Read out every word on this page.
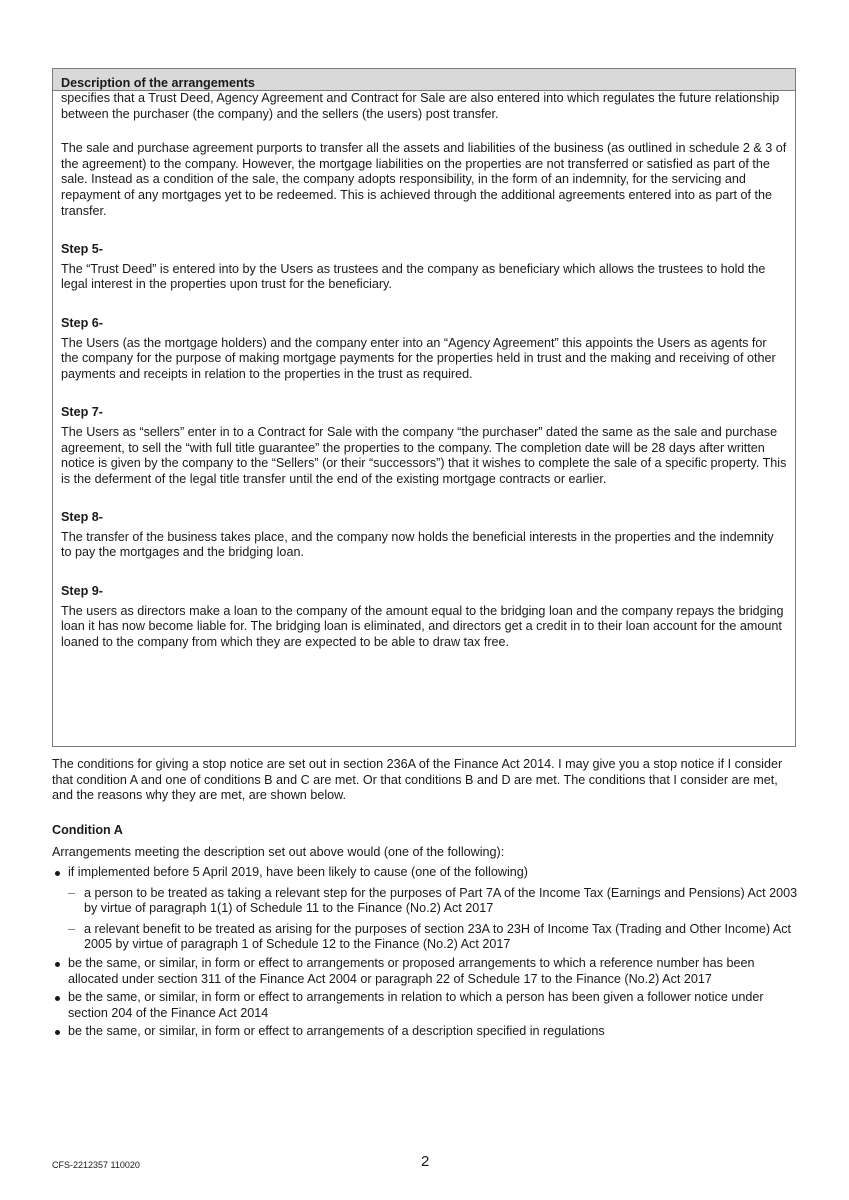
Description of the arrangements

specifies that a Trust Deed, Agency Agreement and Contract for Sale are also entered into which regulates the future relationship between the purchaser (the company) and the sellers (the users) post transfer.

The sale and purchase agreement purports to transfer all the assets and liabilities of the business (as outlined in schedule 2 & 3 of the agreement) to the company. However, the mortgage liabilities on the properties are not transferred or satisfied as part of the sale. Instead as a condition of the sale, the company adopts responsibility, in the form of an indemnity, for the servicing and repayment of any mortgages yet to be redeemed. This is achieved through the additional agreements entered into as part of the transfer.

Step 5-

The “Trust Deed” is entered into by the Users as trustees and the company as beneficiary which allows the trustees to hold the legal interest in the properties upon trust for the beneficiary.

Step 6-

The Users (as the mortgage holders) and the company enter into an “Agency Agreement” this appoints the Users as agents for the company for the purpose of making mortgage payments for the properties held in trust and the making and receiving of other payments and receipts in relation to the properties in the trust as required.

Step 7-

The Users as “sellers” enter in to a Contract for Sale with the company “the purchaser” dated the same as the sale and purchase agreement, to sell the “with full title guarantee” the properties to the company. The completion date will be 28 days after written notice is given by the company to the “Sellers” (or their “successors”) that it wishes to complete the sale of a specific property. This is the deferment of the legal title transfer until the end of the existing mortgage contracts or earlier.

Step 8-

The transfer of the business takes place, and the company now holds the beneficial interests in the properties and the indemnity to pay the mortgages and the bridging loan.

Step 9-

The users as directors make a loan to the company of the amount equal to the bridging loan and the company repays the bridging loan it has now become liable for. The bridging loan is eliminated, and directors get a credit in to their loan account for the amount loaned to the company from which they are expected to be able to draw tax free.

The conditions for giving a stop notice are set out in section 236A of the Finance Act 2014. I may give you a stop notice if I consider that condition A and one of conditions B and C are met. Or that conditions B and D are met. The conditions that I consider are met, and the reasons why they are met, are shown below.

Condition A

Arrangements meeting the description set out above would (one of the following):

if implemented before 5 April 2019, have been likely to cause (one of the following)
– a person to be treated as taking a relevant step for the purposes of Part 7A of the Income Tax (Earnings and Pensions) Act 2003 by virtue of paragraph 1(1) of Schedule 11 to the Finance (No.2) Act 2017
– a relevant benefit to be treated as arising for the purposes of section 23A to 23H of Income Tax (Trading and Other Income) Act 2005 by virtue of paragraph 1 of Schedule 12 to the Finance (No.2) Act 2017
be the same, or similar, in form or effect to arrangements or proposed arrangements to which a reference number has been allocated under section 311 of the Finance Act 2004 or paragraph 22 of Schedule 17 to the Finance (No.2) Act 2017
be the same, or similar, in form or effect to arrangements in relation to which a person has been given a follower notice under section 204 of the Finance Act 2014
be the same, or similar, in form or effect to arrangements of a description specified in regulations
CFS-2212357 110020	2
